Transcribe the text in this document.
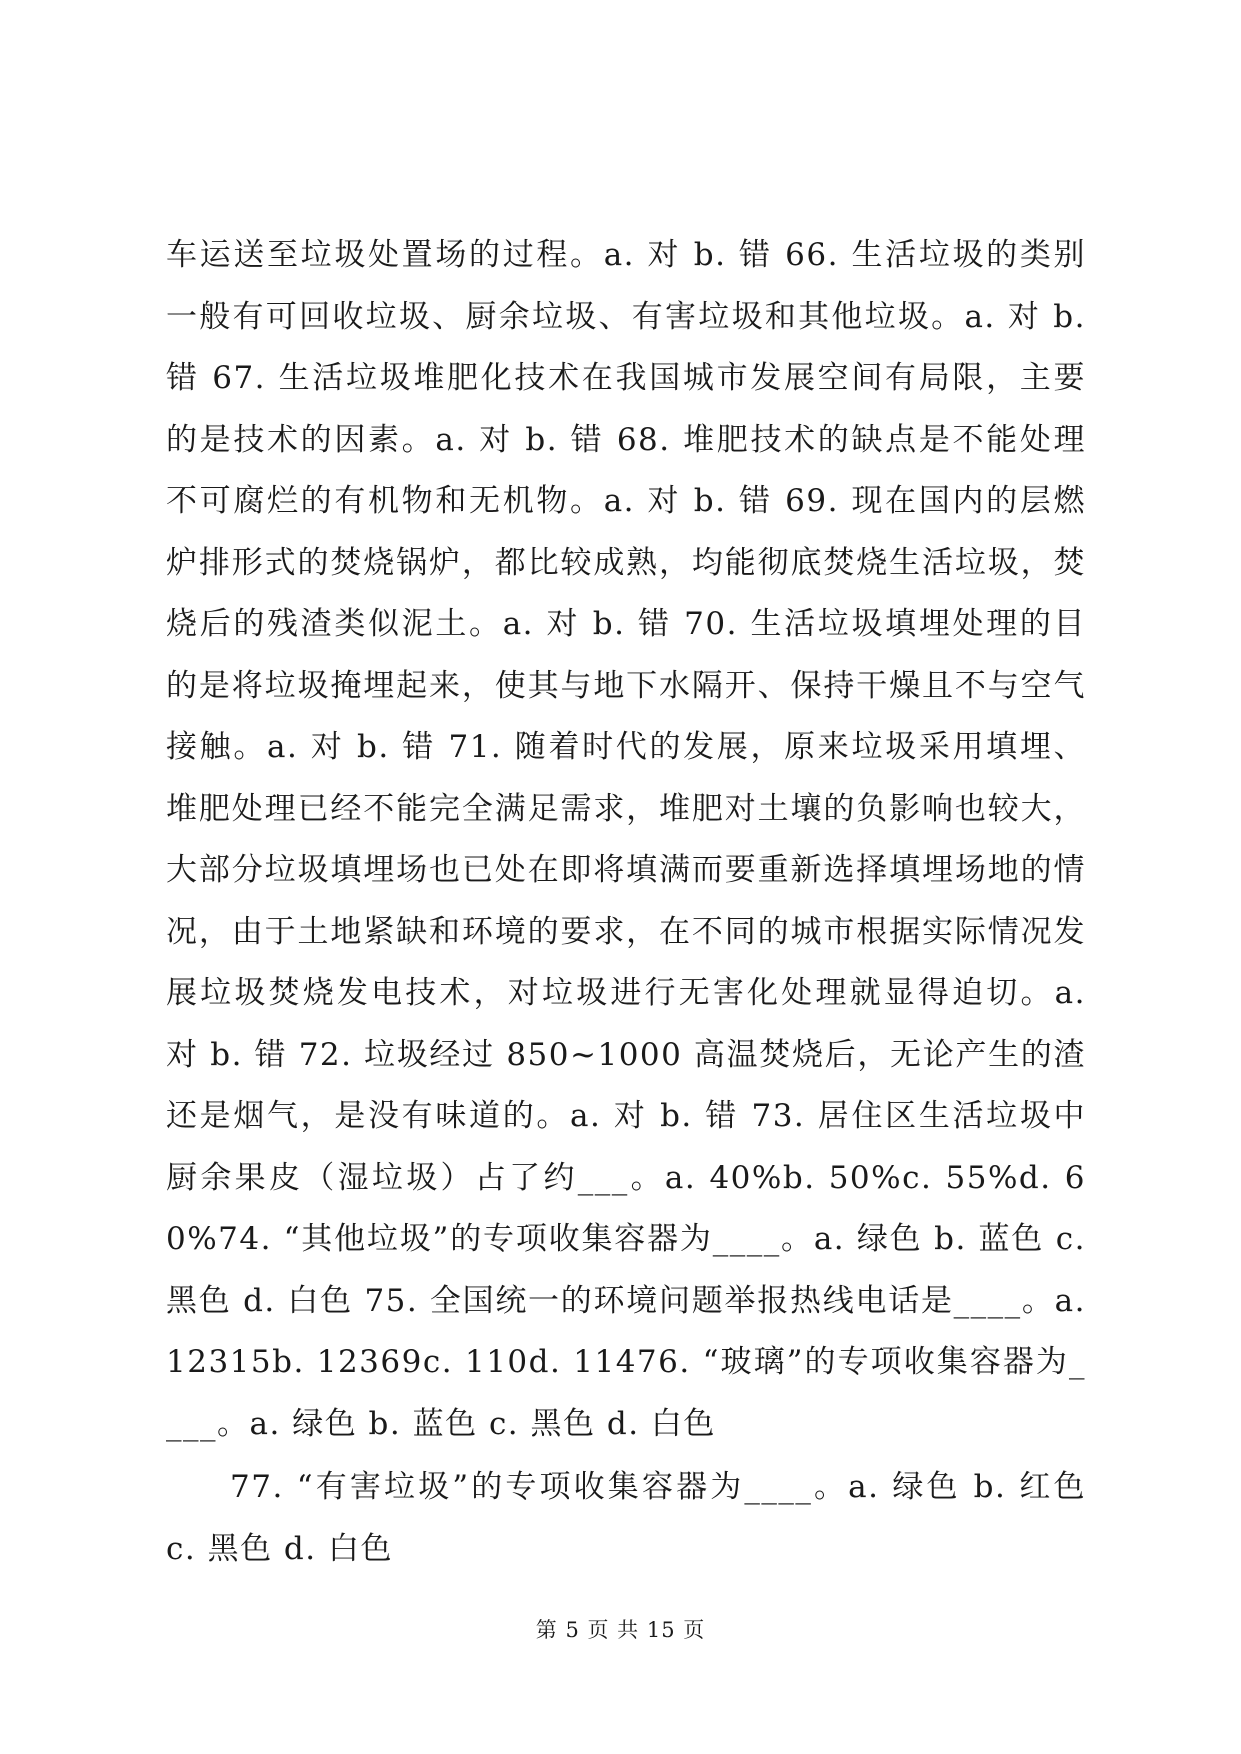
车运送至垃圾处置场的过程。a. 对 b. 错 66. 生活垃圾的类别一般有可回收垃圾、厨余垃圾、有害垃圾和其他垃圾。a. 对 b. 错 67. 生活垃圾堆肥化技术在我国城市发展空间有局限，主要的是技术的因素。a. 对 b. 错 68. 堆肥技术的缺点是不能处理不可腐烂的有机物和无机物。a. 对 b. 错 69. 现在国内的层燃炉排形式的焚烧锅炉，都比较成熟，均能彻底焚烧生活垃圾，焚烧后的残渣类似泥土。a. 对 b. 错 70. 生活垃圾填埋处理的目的是将垃圾掩埋起来，使其与地下水隔开、保持干燥且不与空气接触。a. 对 b. 错 71. 随着时代的发展，原来垃圾采用填埋、堆肥处理已经不能完全满足需求，堆肥对土壤的负影响也较大，大部分垃圾填埋场也已处在即将填满而要重新选择填埋场地的情况，由于土地紧缺和环境的要求，在不同的城市根据实际情况发展垃圾焚烧发电技术，对垃圾进行无害化处理就显得迫切。a. 对 b. 错 72. 垃圾经过 850~1000 高温焚烧后，无论产生的渣还是烟气，是没有味道的。a. 对 b. 错 73. 居住区生活垃圾中厨余果皮（湿垃圾）占了约___。a. 40%b. 50%c. 55%d. 60%74. “其他垃圾”的专项收集容器为____。a. 绿色 b. 蓝色 c. 黑色 d. 白色 75. 全国统一的环境问题举报热线电话是____。a. 12315b. 12369c. 110d. 11476. “玻璃”的专项收集容器为____。a. 绿色 b. 蓝色 c. 黑色 d. 白色

77. “有害垃圾”的专项收集容器为____。a. 绿色 b. 红色 c. 黑色 d. 白色

第 5 页 共 15 页
